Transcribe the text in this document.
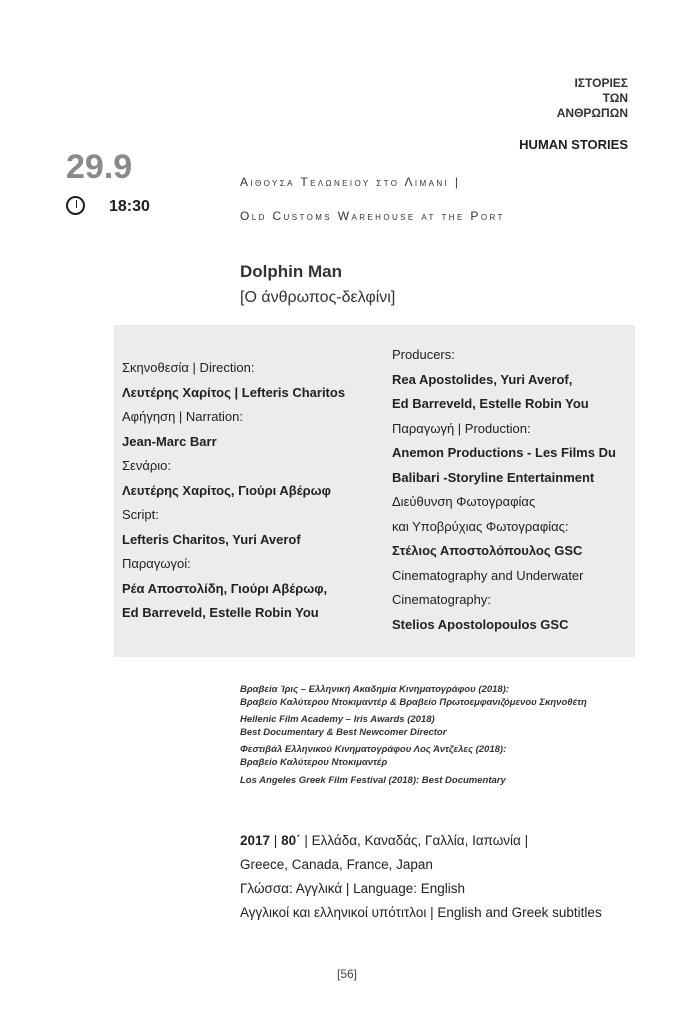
ΙΣΤΟΡΙΕΣ
ΤΩΝ
ΑΝΘΡΩΠΩΝ
HUMAN STORIES
29.9
18:30
Αιθουσα Τελωνειου στο Λιμανι |
Old Customs Warehouse at the Port
Dolphin Man
[Ο άνθρωπος-δελφίνι]
Σκηνοθεσία | Direction:
Λευτέρης Χαρίτος | Lefteris Charitos
Αφήγηση | Narration:
Jean-Marc Barr
Σενάριο:
Λευτέρης Χαρίτος, Γιούρι Αβέρωφ
Script:
Lefteris Charitos, Yuri Averof
Παραγωγοί:
Ρέα Αποστολίδη, Γιούρι Αβέρωφ,
Ed Barreveld, Estelle Robin You
Producers:
Rea Apostolides, Yuri Averof,
Ed Barreveld, Estelle Robin You
Παραγωγή | Production:
Anemon Productions - Les Films Du
Balibari -Storyline Entertainment
Διεύθυνση Φωτογραφίας
και Υποβρύχιας Φωτογραφίας:
Στέλιος Αποστολόπουλος GSC
Cinematography and Underwater
Cinematography:
Stelios Apostolopoulos GSC
Βραβεία Ίρις – Ελληνική Ακαδημία Κινηματογράφου (2018):
Βραβείο Καλύτερου Ντοκιμαντέρ & Βραβείο Πρωτοεμφανιζόμενου Σκηνοθέτη
Hellenic Film Academy – Iris Awards (2018)
Best Documentary & Best Newcomer Director
Φεστιβάλ Ελληνικού Κινηματογράφου Λος Άντζελες (2018):
Βραβείο Καλύτερου Ντοκιμαντέρ
Los Angeles Greek Film Festival (2018): Best Documentary
2017 | 80΄ | Ελλάδα, Καναδάς, Γαλλία, Ιαπωνία |
Greece, Canada, France, Japan
Γλώσσα: Αγγλικά | Language: English
Αγγλικοί και ελληνικοί υπότιτλοι | English and Greek subtitles
[56]
